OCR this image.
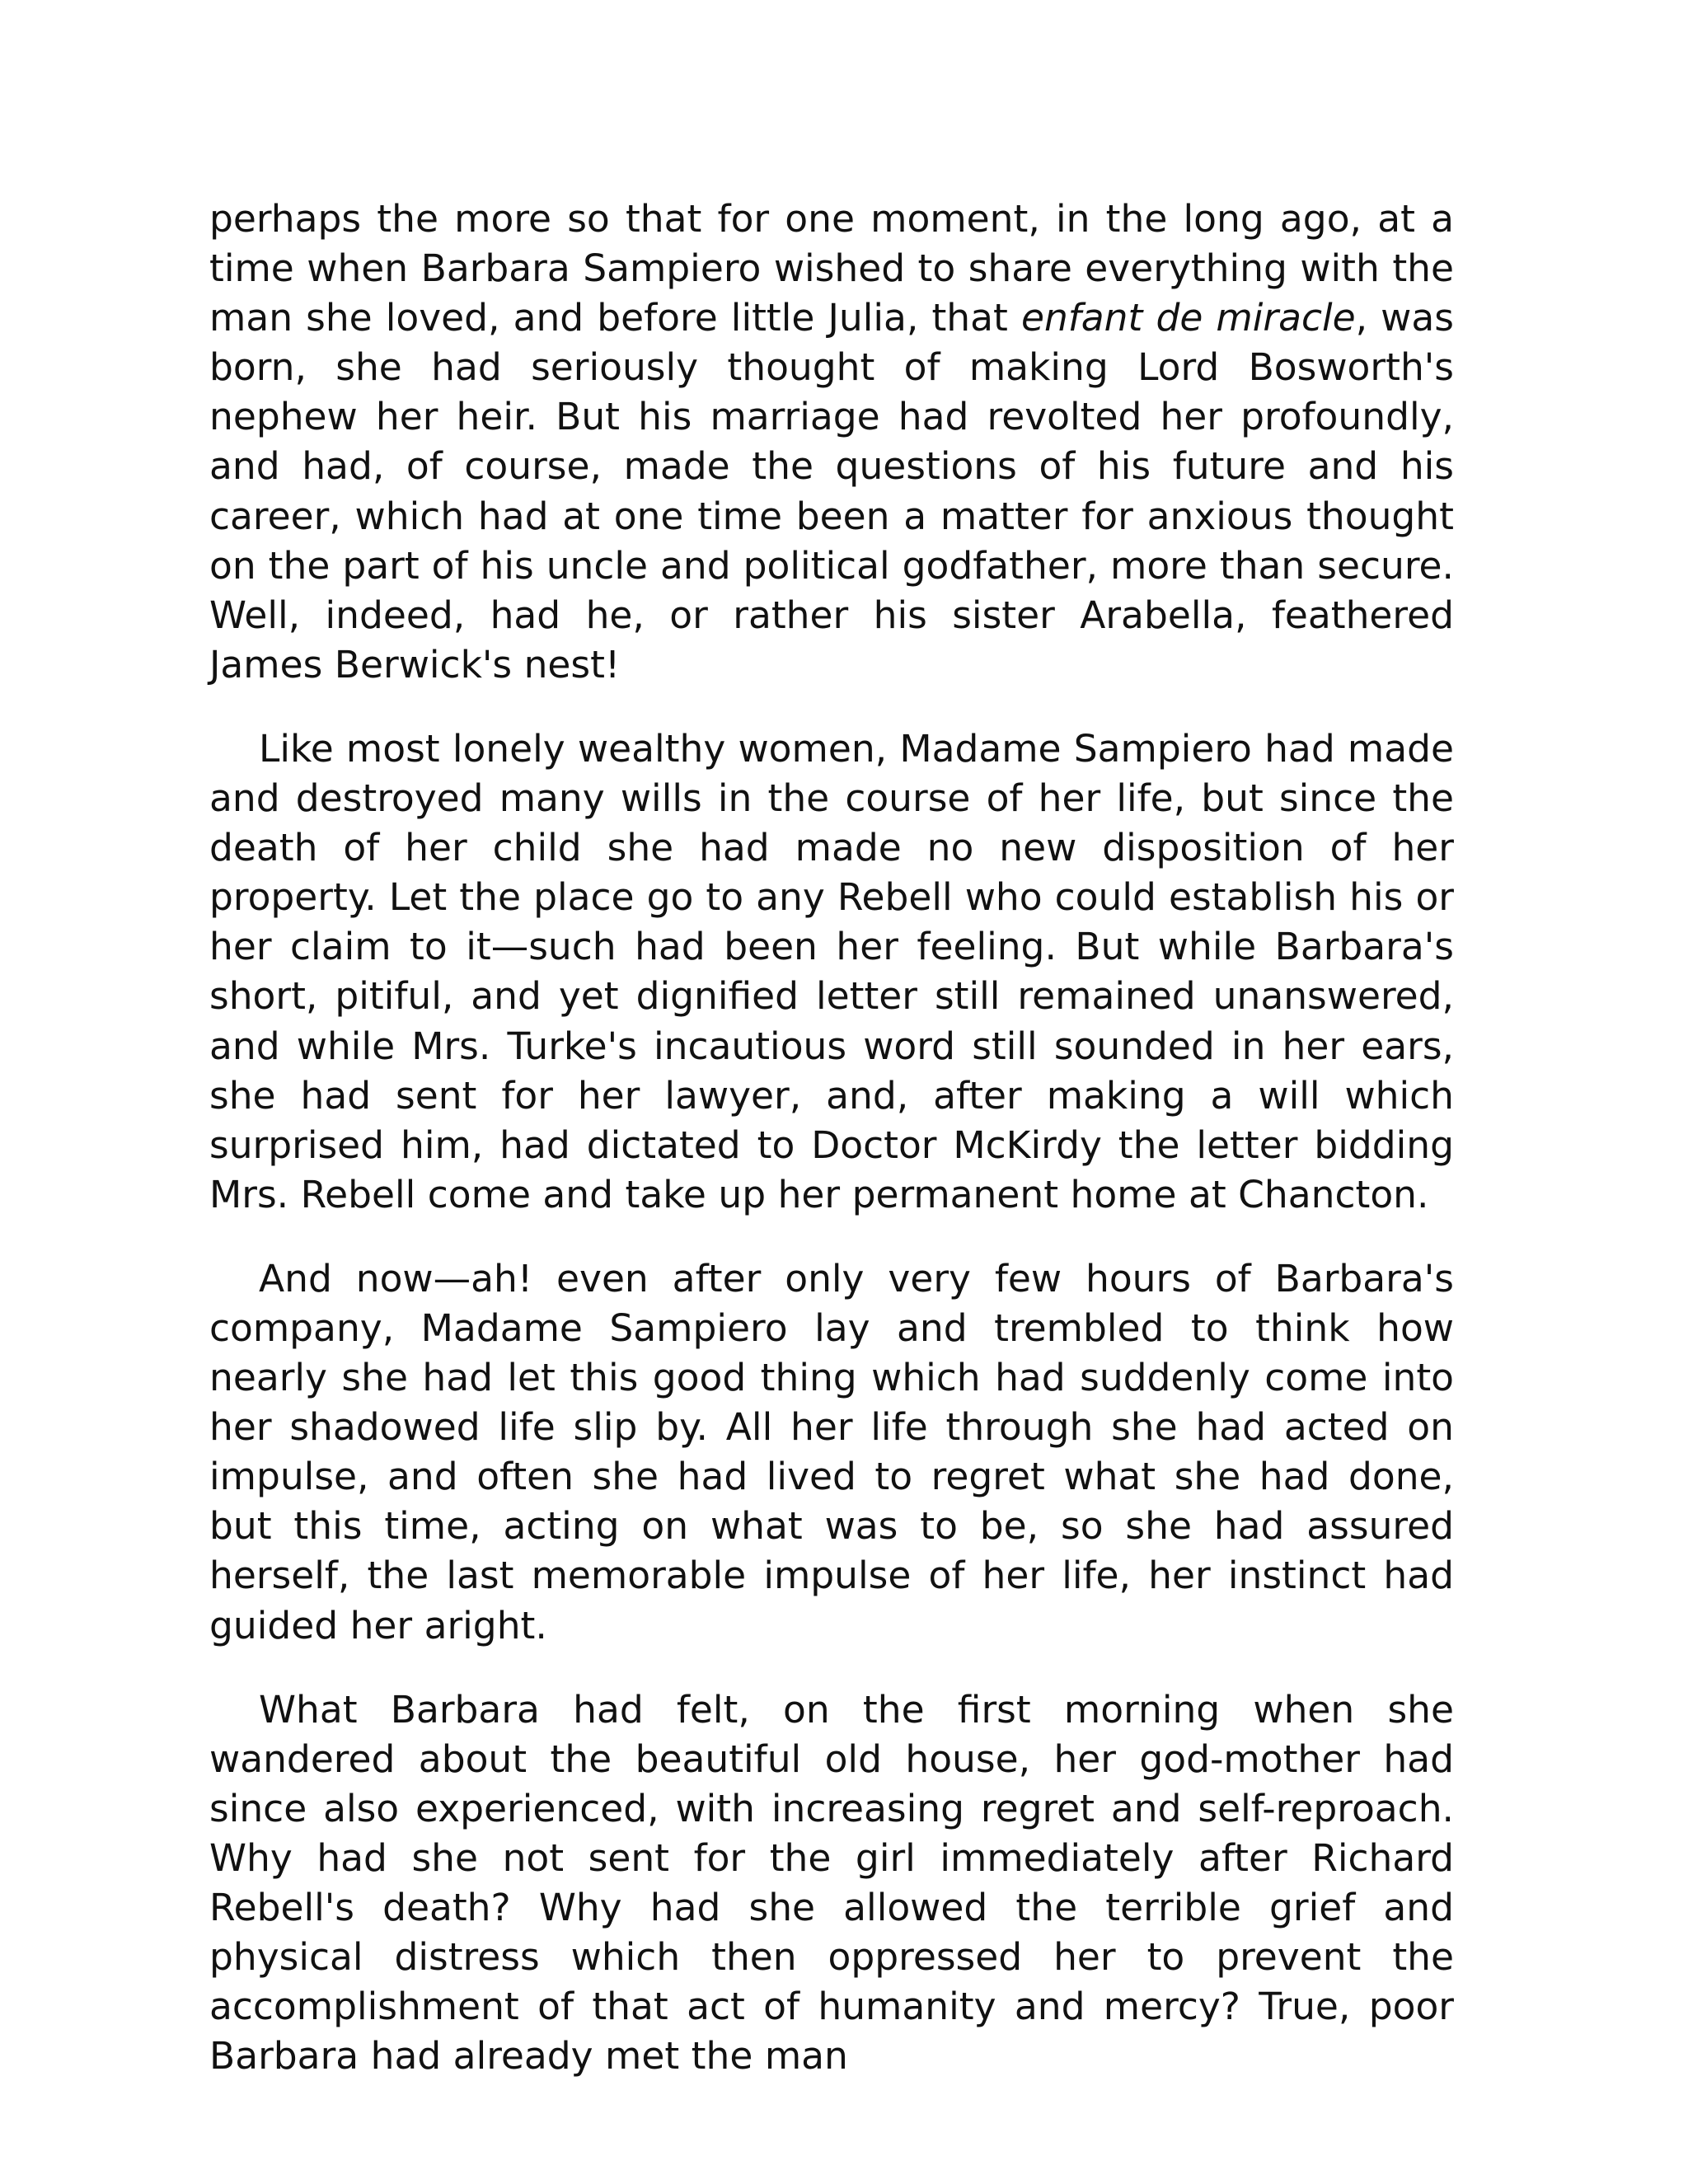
perhaps the more so that for one moment, in the long ago, at a time when Barbara Sampiero wished to share everything with the man she loved, and before little Julia, that enfant de miracle, was born, she had seriously thought of making Lord Bosworth's nephew her heir. But his marriage had revolted her profoundly, and had, of course, made the questions of his future and his career, which had at one time been a matter for anxious thought on the part of his uncle and political godfather, more than secure. Well, indeed, had he, or rather his sister Arabella, feathered James Berwick's nest!

Like most lonely wealthy women, Madame Sampiero had made and destroyed many wills in the course of her life, but since the death of her child she had made no new disposition of her property. Let the place go to any Rebell who could establish his or her claim to it—such had been her feeling. But while Barbara's short, pitiful, and yet dignified letter still remained unanswered, and while Mrs. Turke's incautious word still sounded in her ears, she had sent for her lawyer, and, after making a will which surprised him, had dictated to Doctor McKirdy the letter bidding Mrs. Rebell come and take up her permanent home at Chancton.

And now—ah! even after only very few hours of Barbara's company, Madame Sampiero lay and trembled to think how nearly she had let this good thing which had suddenly come into her shadowed life slip by. All her life through she had acted on impulse, and often she had lived to regret what she had done, but this time, acting on what was to be, so she had assured herself, the last memorable impulse of her life, her instinct had guided her aright.

What Barbara had felt, on the first morning when she wandered about the beautiful old house, her god-mother had since also experienced, with increasing regret and self-reproach. Why had she not sent for the girl immediately after Richard Rebell's death? Why had she allowed the terrible grief and physical distress which then oppressed her to prevent the accomplishment of that act of humanity and mercy? True, poor Barbara had already met the man
